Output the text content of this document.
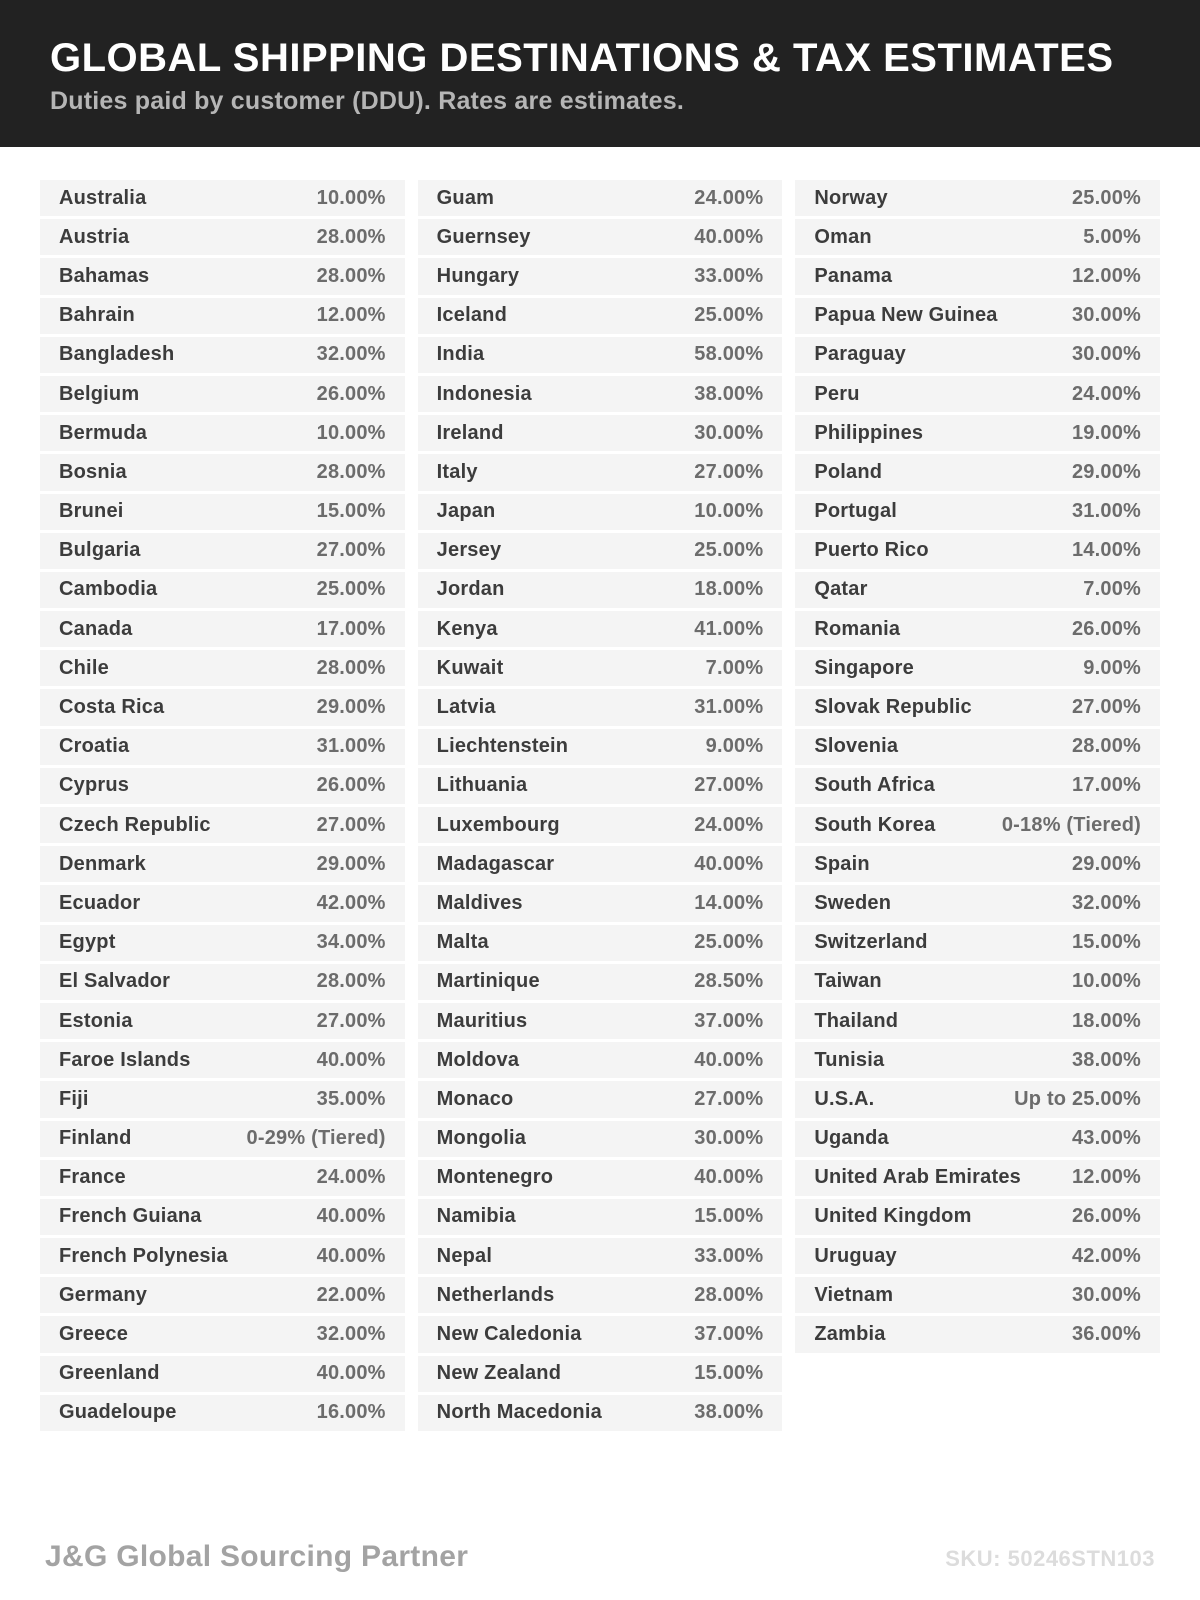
GLOBAL SHIPPING DESTINATIONS & TAX ESTIMATES
Duties paid by customer (DDU). Rates are estimates.
Australia	10.00%
Austria	28.00%
Bahamas	28.00%
Bahrain	12.00%
Bangladesh	32.00%
Belgium	26.00%
Bermuda	10.00%
Bosnia	28.00%
Brunei	15.00%
Bulgaria	27.00%
Cambodia	25.00%
Canada	17.00%
Chile	28.00%
Costa Rica	29.00%
Croatia	31.00%
Cyprus	26.00%
Czech Republic	27.00%
Denmark	29.00%
Ecuador	42.00%
Egypt	34.00%
El Salvador	28.00%
Estonia	27.00%
Faroe Islands	40.00%
Fiji	35.00%
Finland	0-29% (Tiered)
France	24.00%
French Guiana	40.00%
French Polynesia	40.00%
Germany	22.00%
Greece	32.00%
Greenland	40.00%
Guadeloupe	16.00%
Guam	24.00%
Guernsey	40.00%
Hungary	33.00%
Iceland	25.00%
India	58.00%
Indonesia	38.00%
Ireland	30.00%
Italy	27.00%
Japan	10.00%
Jersey	25.00%
Jordan	18.00%
Kenya	41.00%
Kuwait	7.00%
Latvia	31.00%
Liechtenstein	9.00%
Lithuania	27.00%
Luxembourg	24.00%
Madagascar	40.00%
Maldives	14.00%
Malta	25.00%
Martinique	28.50%
Mauritius	37.00%
Moldova	40.00%
Monaco	27.00%
Mongolia	30.00%
Montenegro	40.00%
Namibia	15.00%
Nepal	33.00%
Netherlands	28.00%
New Caledonia	37.00%
New Zealand	15.00%
North Macedonia	38.00%
Norway	25.00%
Oman	5.00%
Panama	12.00%
Papua New Guinea	30.00%
Paraguay	30.00%
Peru	24.00%
Philippines	19.00%
Poland	29.00%
Portugal	31.00%
Puerto Rico	14.00%
Qatar	7.00%
Romania	26.00%
Singapore	9.00%
Slovak Republic	27.00%
Slovenia	28.00%
South Africa	17.00%
South Korea	0-18% (Tiered)
Spain	29.00%
Sweden	32.00%
Switzerland	15.00%
Taiwan	10.00%
Thailand	18.00%
Tunisia	38.00%
U.S.A.	Up to 25.00%
Uganda	43.00%
United Arab Emirates	12.00%
United Kingdom	26.00%
Uruguay	42.00%
Vietnam	30.00%
Zambia	36.00%
J&G Global Sourcing Partner	SKU: 50246STN103
